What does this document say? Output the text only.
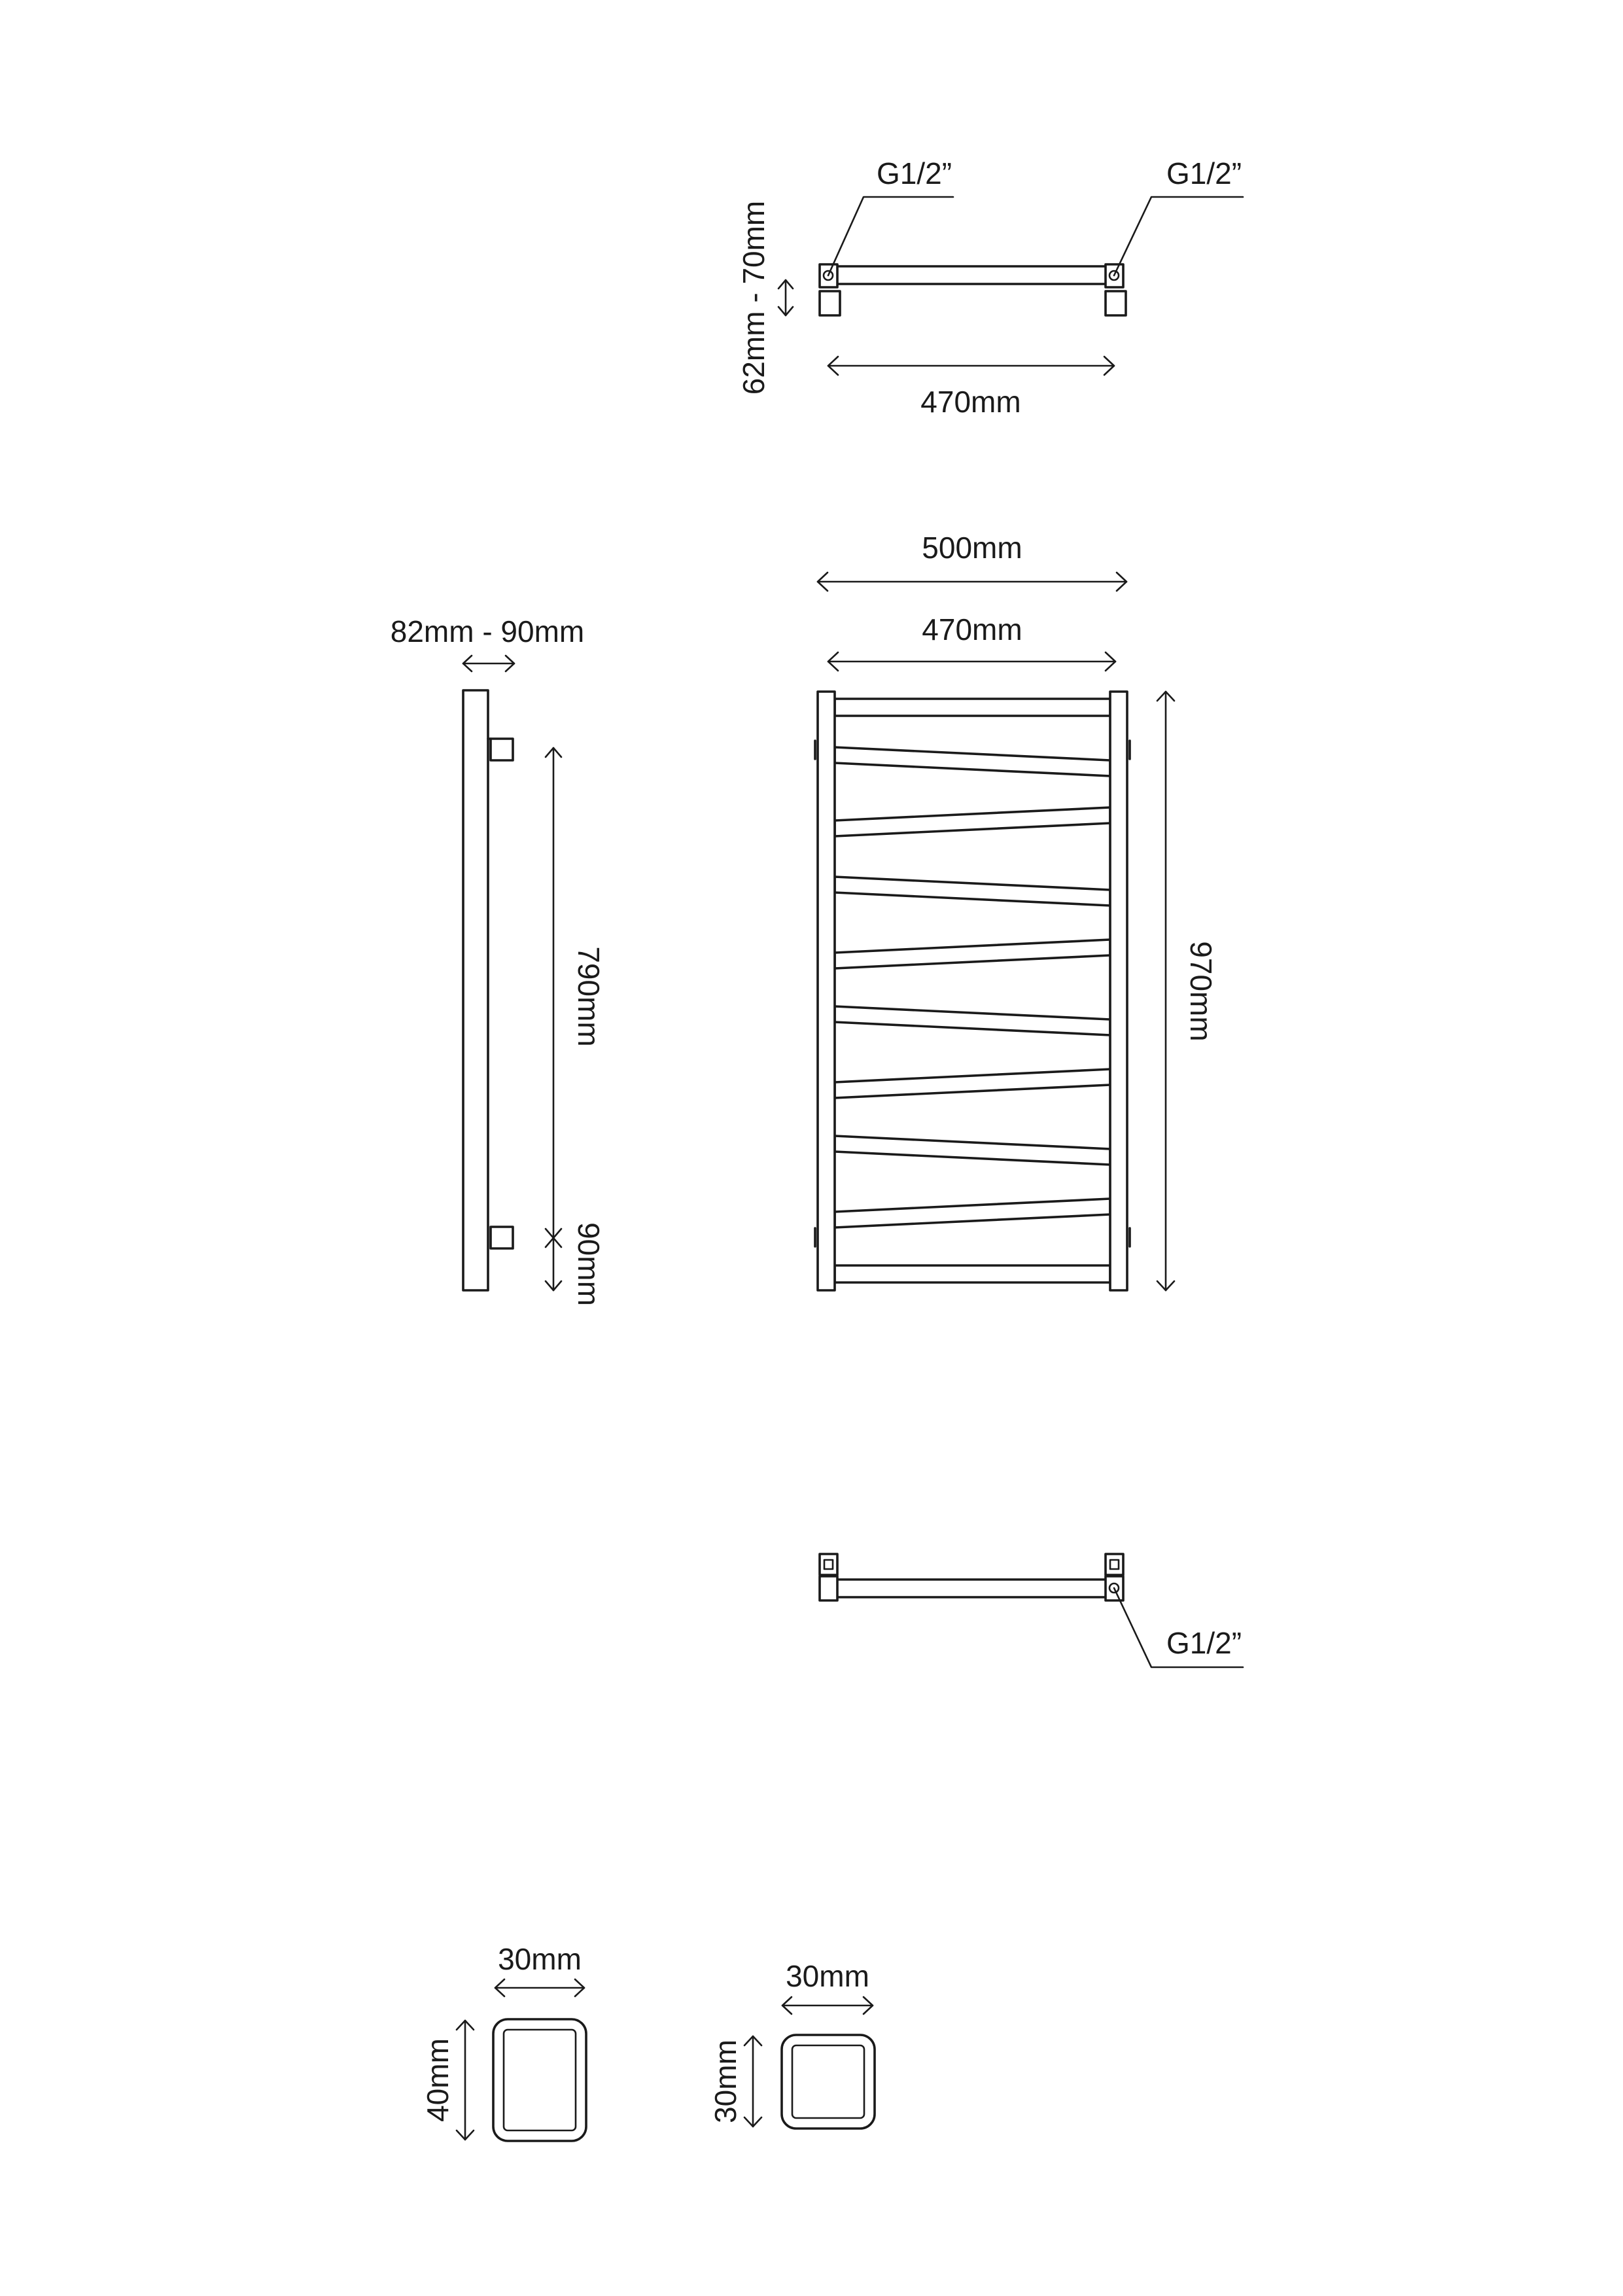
G1/2”	G1/2”
62mm - 70mm
470mm
82mm - 90mm
790mm
90mm
500mm
470mm
970mm
G1/2”
30mm
40mm
30mm
30mm
